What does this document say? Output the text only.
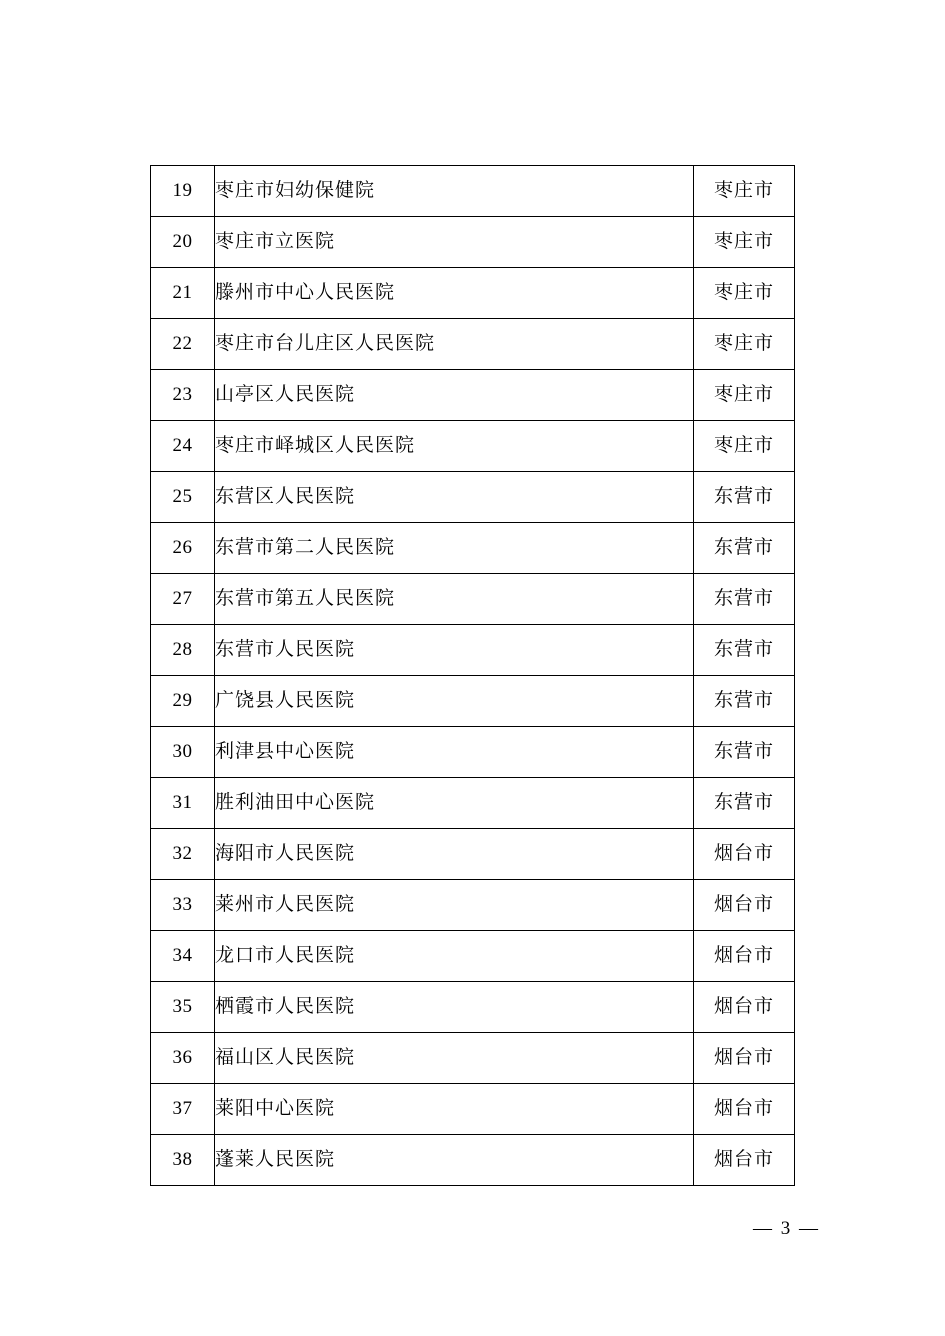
19	枣庄市妇幼保健院	枣庄市
20	枣庄市立医院	枣庄市
21	滕州市中心人民医院	枣庄市
22	枣庄市台儿庄区人民医院	枣庄市
23	山亭区人民医院	枣庄市
24	枣庄市峄城区人民医院	枣庄市
25	东营区人民医院	东营市
26	东营市第二人民医院	东营市
27	东营市第五人民医院	东营市
28	东营市人民医院	东营市
29	广饶县人民医院	东营市
30	利津县中心医院	东营市
31	胜利油田中心医院	东营市
32	海阳市人民医院	烟台市
33	莱州市人民医院	烟台市
34	龙口市人民医院	烟台市
35	栖霞市人民医院	烟台市
36	福山区人民医院	烟台市
37	莱阳中心医院	烟台市
38	蓬莱人民医院	烟台市
— 3 —
